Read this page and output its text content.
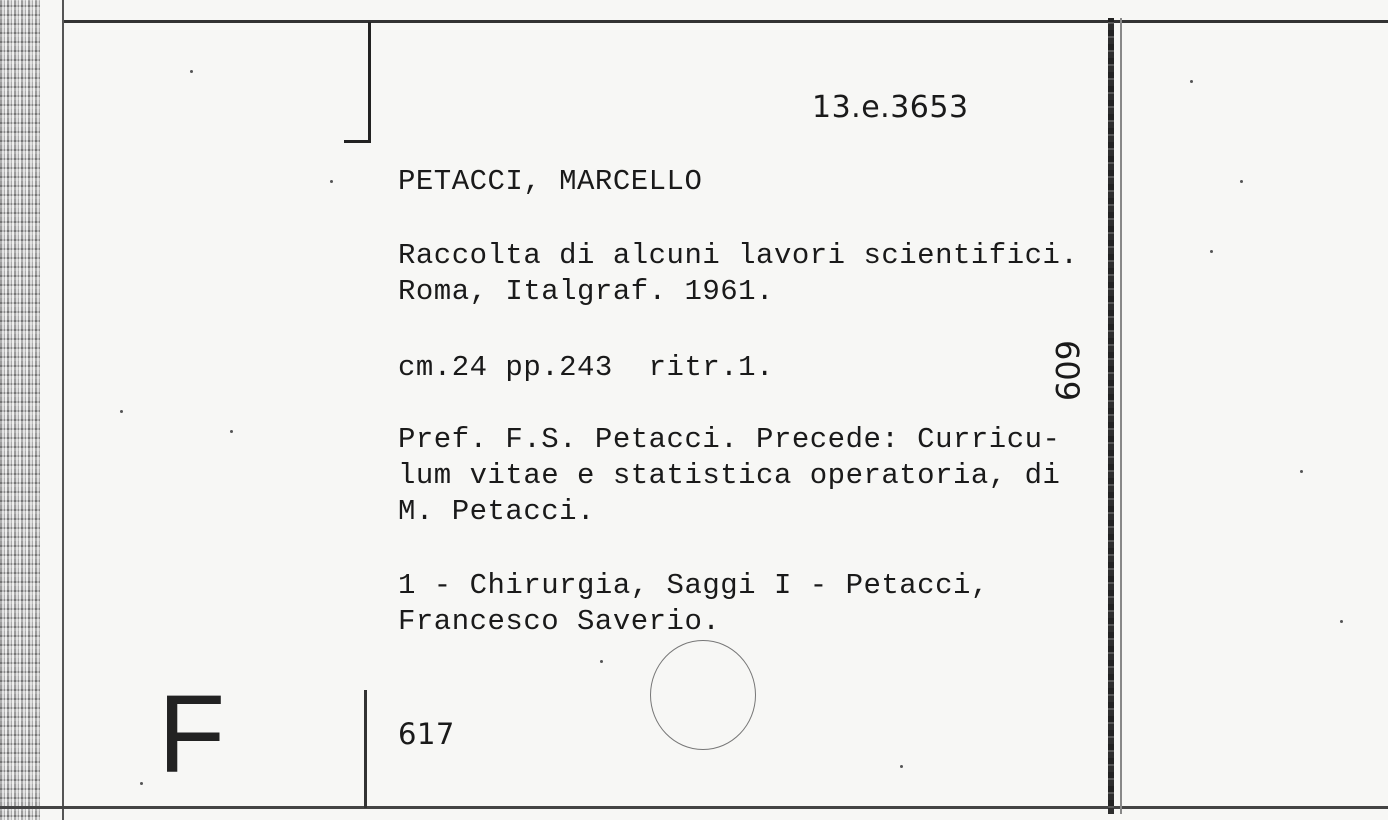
13.e.3653
PETACCI, MARCELLO
Raccolta di alcuni lavori scientifici.
Roma, Italgraf. 1961.
cm.24 pp.243  ritr.1.
Pref. F.S. Petacci. Precede: Curricu-
lum vitae e statistica operatoria, di
M. Petacci.
1 - Chirurgia, Saggi I - Petacci,
Francesco Saverio.
617
609
F
